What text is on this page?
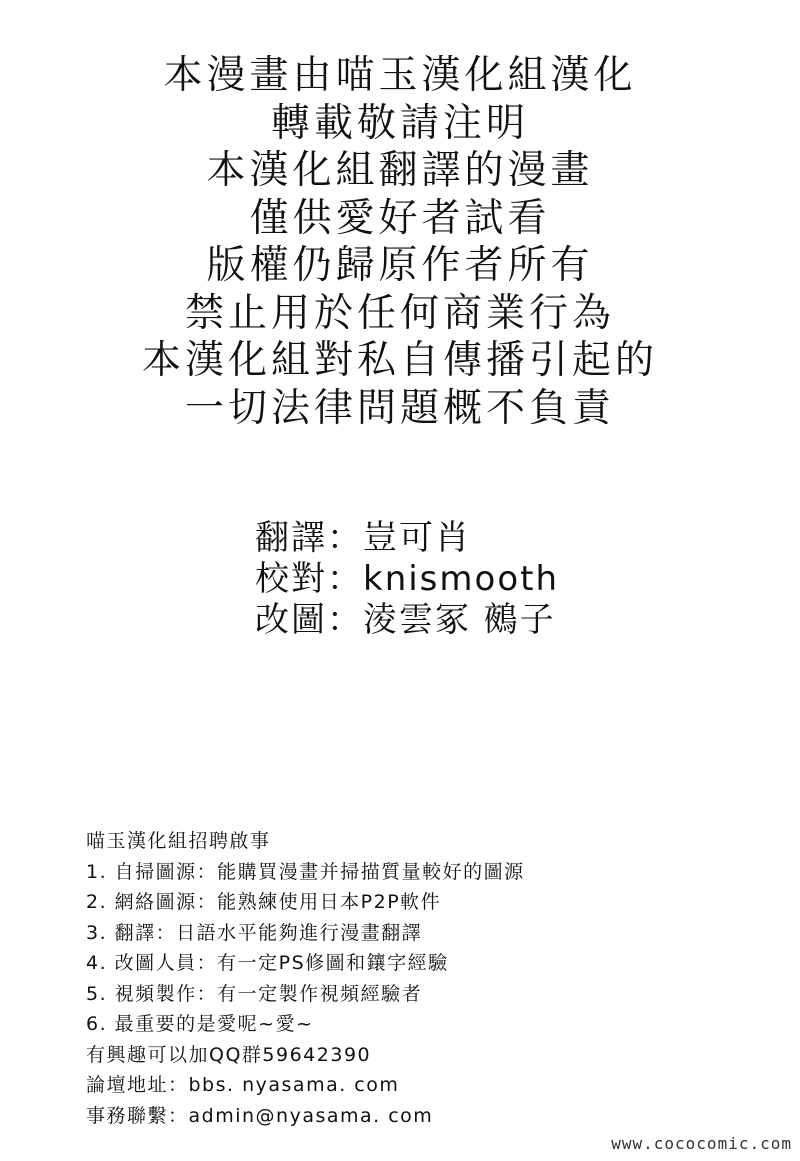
本漫畫由喵玉漢化組漢化
轉載敬請注明
本漢化組翻譯的漫畫
僅供愛好者試看
版權仍歸原作者所有
禁止用於任何商業行為
本漢化組對私自傳播引起的
一切法律問題概不負責
翻譯：豈可肖
校對：knismooth
改圖：淩雲冢 鵺子
喵玉漢化組招聘啟事
1. 自掃圖源：能購買漫畫并掃描質量較好的圖源
2. 網絡圖源：能熟練使用日本P2P軟件
3. 翻譯：日語水平能夠進行漫畫翻譯
4. 改圖人員：有一定PS修圖和鑲字經驗
5. 視頻製作：有一定製作視頻經驗者
6. 最重要的是愛呢~愛~
有興趣可以加QQ群59642390
論壇地址：bbs. nyasama. com
事務聯繫：admin@nyasama. com
www.cococomic.com
